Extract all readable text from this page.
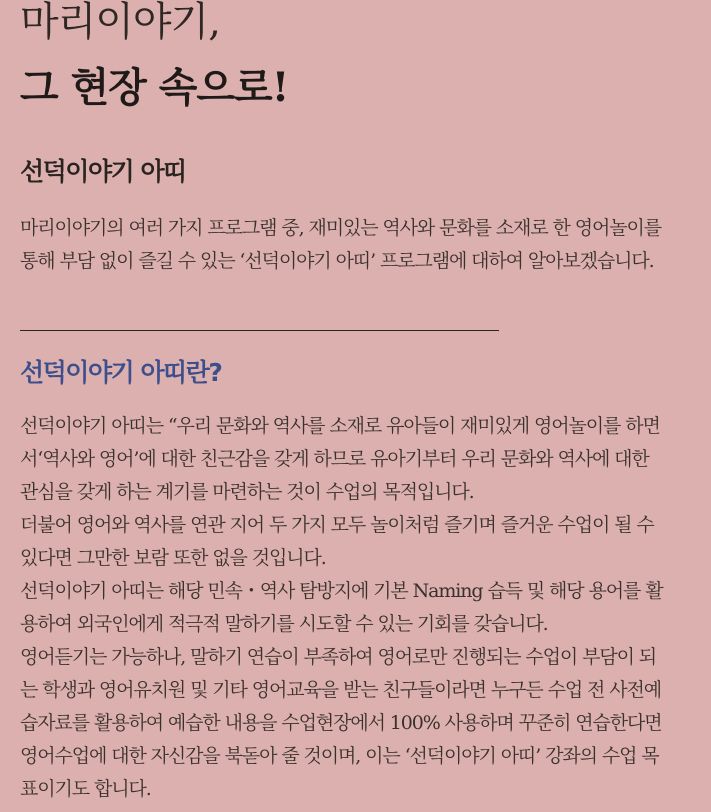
마리이야기,
그 현장 속으로!
선덕이야기 아띠
마리이야기의 여러 가지 프로그램 중, 재미있는 역사와 문화를 소재로 한 영어놀이를
통해 부담 없이 즐길 수 있는 ‘선덕이야기 아띠’ 프로그램에 대하여 알아보겠습니다.
선덕이야기 아띠란?
선덕이야기 아띠는 “우리 문화와 역사를 소재로 유아들이 재미있게 영어놀이를 하면
서‘역사와 영어’에 대한 친근감을 갖게 하므로 유아기부터 우리 문화와 역사에 대한
관심을 갖게 하는 계기를 마련하는 것이 수업의 목적입니다.
더불어 영어와 역사를 연관 지어 두 가지 모두 놀이처럼 즐기며 즐거운 수업이 될 수
있다면 그만한 보람 또한 없을 것입니다.
선덕이야기 아띠는 해당 민속・역사 탐방지에 기본 Naming 습득 및 해당 용어를 활
용하여 외국인에게 적극적 말하기를 시도할 수 있는 기회를 갖습니다.
영어듣기는 가능하나, 말하기 연습이 부족하여 영어로만 진행되는 수업이 부담이 되
는 학생과 영어유치원 및 기타 영어교육을 받는 친구들이라면 누구든 수업 전 사전예
습자료를 활용하여 예습한 내용을 수업현장에서 100% 사용하며 꾸준히 연습한다면
영어수업에 대한 자신감을 북돋아 줄 것이며, 이는 ‘선덕이야기 아띠’ 강좌의 수업 목
표이기도 합니다.
